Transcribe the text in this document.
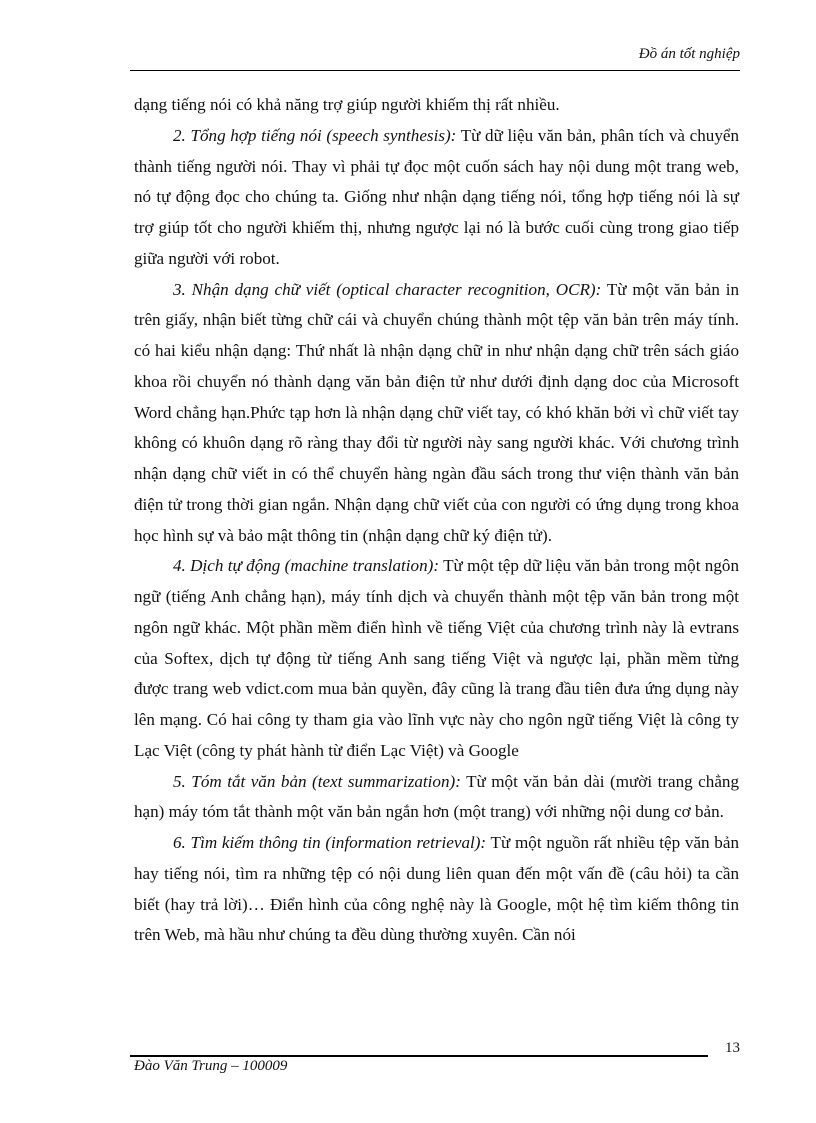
Đồ án tốt nghiệp

dạng tiếng nói có khả năng trợ giúp người khiếm thị rất nhiều.

2. Tổng hợp tiếng nói (speech synthesis): Từ dữ liệu văn bản, phân tích và chuyển thành tiếng người nói. Thay vì phải tự đọc một cuốn sách hay nội dung một trang web, nó tự động đọc cho chúng ta. Giống như nhận dạng tiếng nói, tổng hợp tiếng nói là sự trợ giúp tốt cho người khiếm thị, nhưng ngược lại nó là bước cuối cùng trong giao tiếp giữa người với robot.

3. Nhận dạng chữ viết (optical character recognition, OCR): Từ một văn bản in trên giấy, nhận biết từng chữ cái và chuyển chúng thành một tệp văn bản trên máy tính. có hai kiểu nhận dạng: Thứ nhất là nhận dạng chữ in như nhận dạng chữ trên sách giáo khoa rồi chuyển nó thành dạng văn bản điện tử như dưới định dạng doc của Microsoft Word chẳng hạn.Phức tạp hơn là nhận dạng chữ viết tay, có khó khăn bởi vì chữ viết tay không có khuôn dạng rõ ràng thay đổi từ người này sang người khác. Với chương trình nhận dạng chữ viết in có thể chuyển hàng ngàn đầu sách trong thư viện thành văn bản điện tử trong thời gian ngắn. Nhận dạng chữ viết của con người có ứng dụng trong khoa học hình sự và bảo mật thông tin (nhận dạng chữ ký điện tử).

4. Dịch tự động (machine translation): Từ một tệp dữ liệu văn bản trong một ngôn ngữ (tiếng Anh chẳng hạn), máy tính dịch và chuyển thành một tệp văn bản trong một ngôn ngữ khác. Một phần mềm điển hình về tiếng Việt của chương trình này là evtrans của Softex, dịch tự động từ tiếng Anh sang tiếng Việt và ngược lại, phần mềm từng được trang web vdict.com mua bản quyền, đây cũng là trang đầu tiên đưa ứng dụng này lên mạng. Có hai công ty tham gia vào lĩnh vực này cho ngôn ngữ tiếng Việt là công ty Lạc Việt (công ty phát hành từ điển Lạc Việt) và Google

5. Tóm tắt văn bản (text summarization): Từ một văn bản dài (mười trang chẳng hạn) máy tóm tắt thành một văn bản ngắn hơn (một trang) với những nội dung cơ bản.

6. Tìm kiếm thông tin (information retrieval): Từ một nguồn rất nhiều tệp văn bản hay tiếng nói, tìm ra những tệp có nội dung liên quan đến một vấn đề (câu hỏi) ta cần biết (hay trả lời)… Điển hình của công nghệ này là Google, một hệ tìm kiếm thông tin trên Web, mà hầu như chúng ta đều dùng thường xuyên. Cần nói

13
Đào Văn Trung – 100009
